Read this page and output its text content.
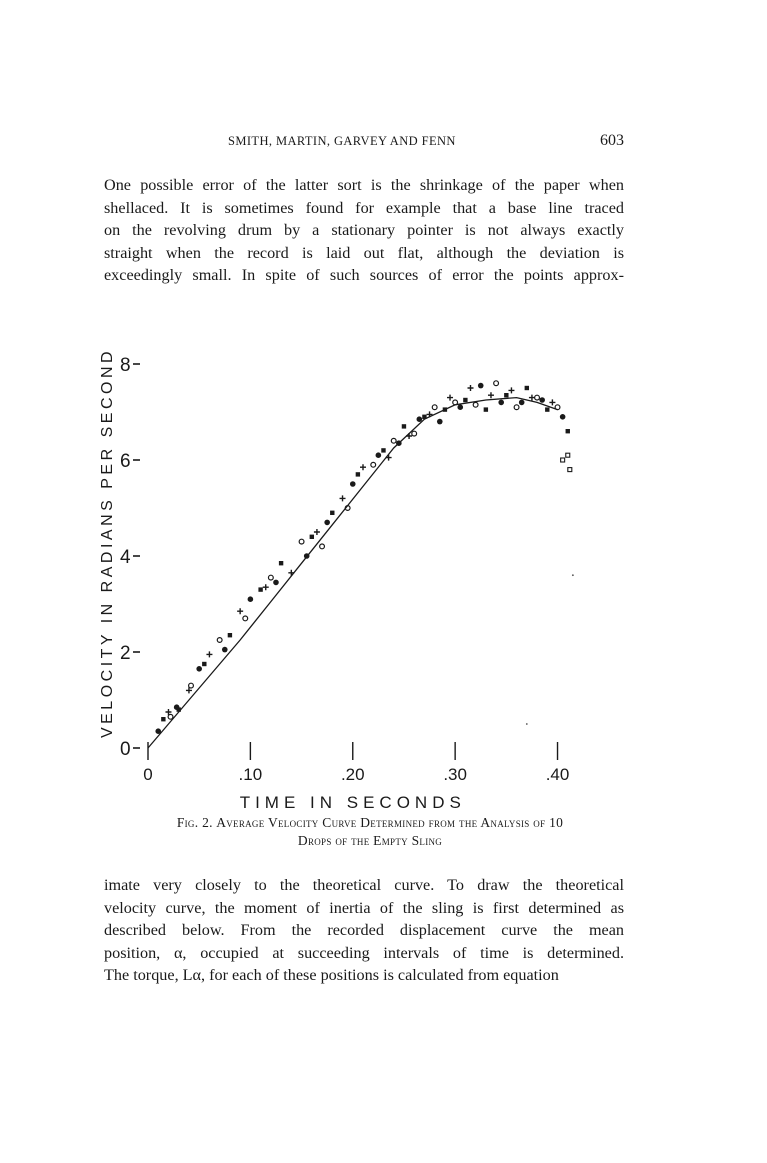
SMITH, MARTIN, GARVEY AND FENN	603

One possible error of the latter sort is the shrinkage of the paper when
shellaced. It is sometimes found for example that a base line traced
on the revolving drum by a stationary pointer is not always exactly
straight when the record is laid out flat, although the deviation is
exceedingly small. In spite of such sources of error the points approx-

0
2
4
6
8
0	.10	.20	.30	.40
TIME IN SECONDS
VELOCITY IN RADIANS PER SECOND
Fig. 2. Average Velocity Curve Determined from the Analysis of 10
Drops of the Empty Sling

imate very closely to the theoretical curve. To draw the theoretical
velocity curve, the moment of inertia of the sling is first determined as
described below. From the recorded displacement curve the mean
position, α, occupied at succeeding intervals of time is determined.
The torque, Lα, for each of these positions is calculated from equation
